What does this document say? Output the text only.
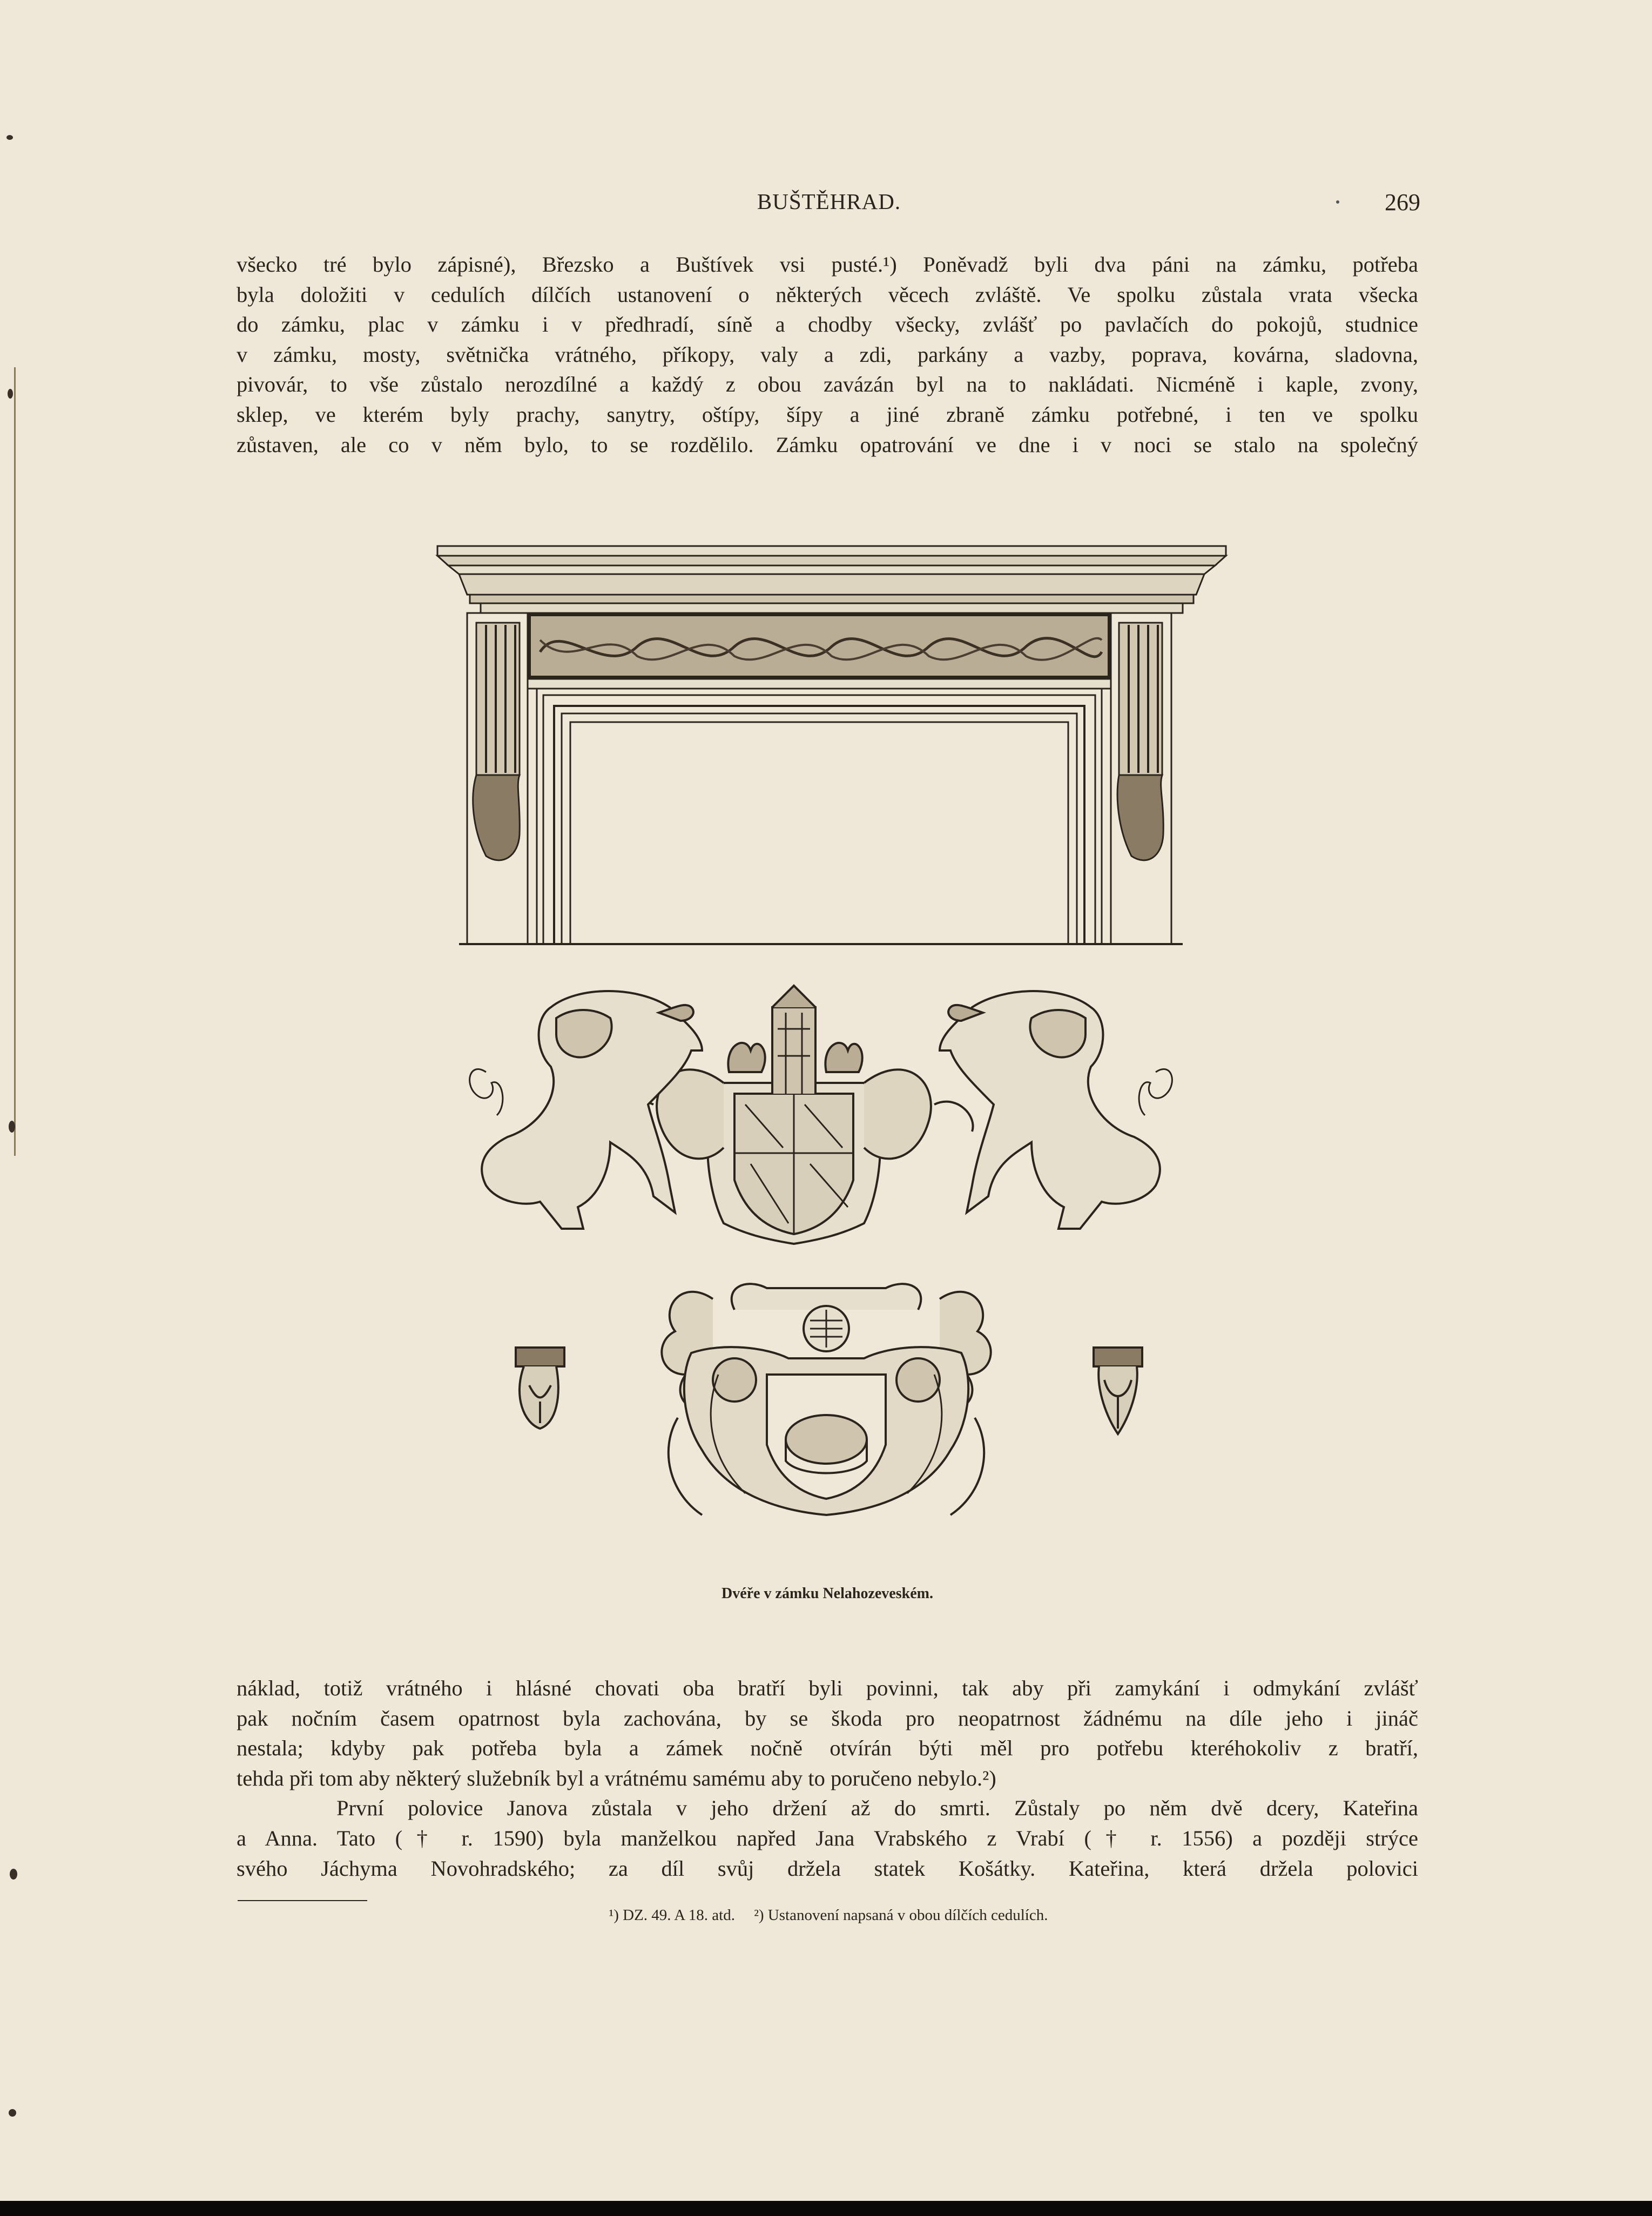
BUŠTĚHRAD.	269
všecko tré bylo zápisné), Březsko a Buštívek vsi pusté.¹) Poněvadž byli dva páni na zámku, potřeba
byla doložiti v cedulích dílčích ustanovení o některých věcech zvláště. Ve spolku zůstala vrata všecka
do zámku, plac v zámku i v předhradí, síně a chodby všecky, zvlášť po pavlačích do pokojů, studnice
v zámku, mosty, světnička vrátného, příkopy, valy a zdi, parkány a vazby, poprava, kovárna, sladovna,
pivovár, to vše zůstalo nerozdílné a každý z obou zavázán byl na to nakládati. Nicméně i kaple, zvony,
sklep, ve kterém byly prachy, sanytry, oštípy, šípy a jiné zbraně zámku potřebné, i ten ve spolku
zůstaven, ale co v něm bylo, to se rozdělilo. Zámku opatrování ve dne i v noci se stalo na společný
Dvéře v zámku Nelahozeveském.
náklad, totiž vrátného i hlásné chovati oba bratří byli povinni, tak aby při zamykání i odmykání zvlášť
pak nočním časem opatrnost byla zachována, by se škoda pro neopatrnost žádnému na díle jeho i jináč
nestala; kdyby pak potřeba byla a zámek nočně otvírán býti měl pro potřebu kteréhokoliv z bratří,
tehda při tom aby některý služebník byl a vrátnému samému aby to poručeno nebylo.²)
První polovice Janova zůstala v jeho držení až do smrti. Zůstaly po něm dvě dcery, Kateřina
a Anna. Tato († r. 1590) byla manželkou napřed Jana Vrabského z Vrabí († r. 1556) a později strýce
svého Jáchyma Novohradského; za díl svůj držela statek Košátky. Kateřina, která držela polovici
¹) DZ. 49. A 18. atd. ²) Ustanovení napsaná v obou dílčích cedulích.
